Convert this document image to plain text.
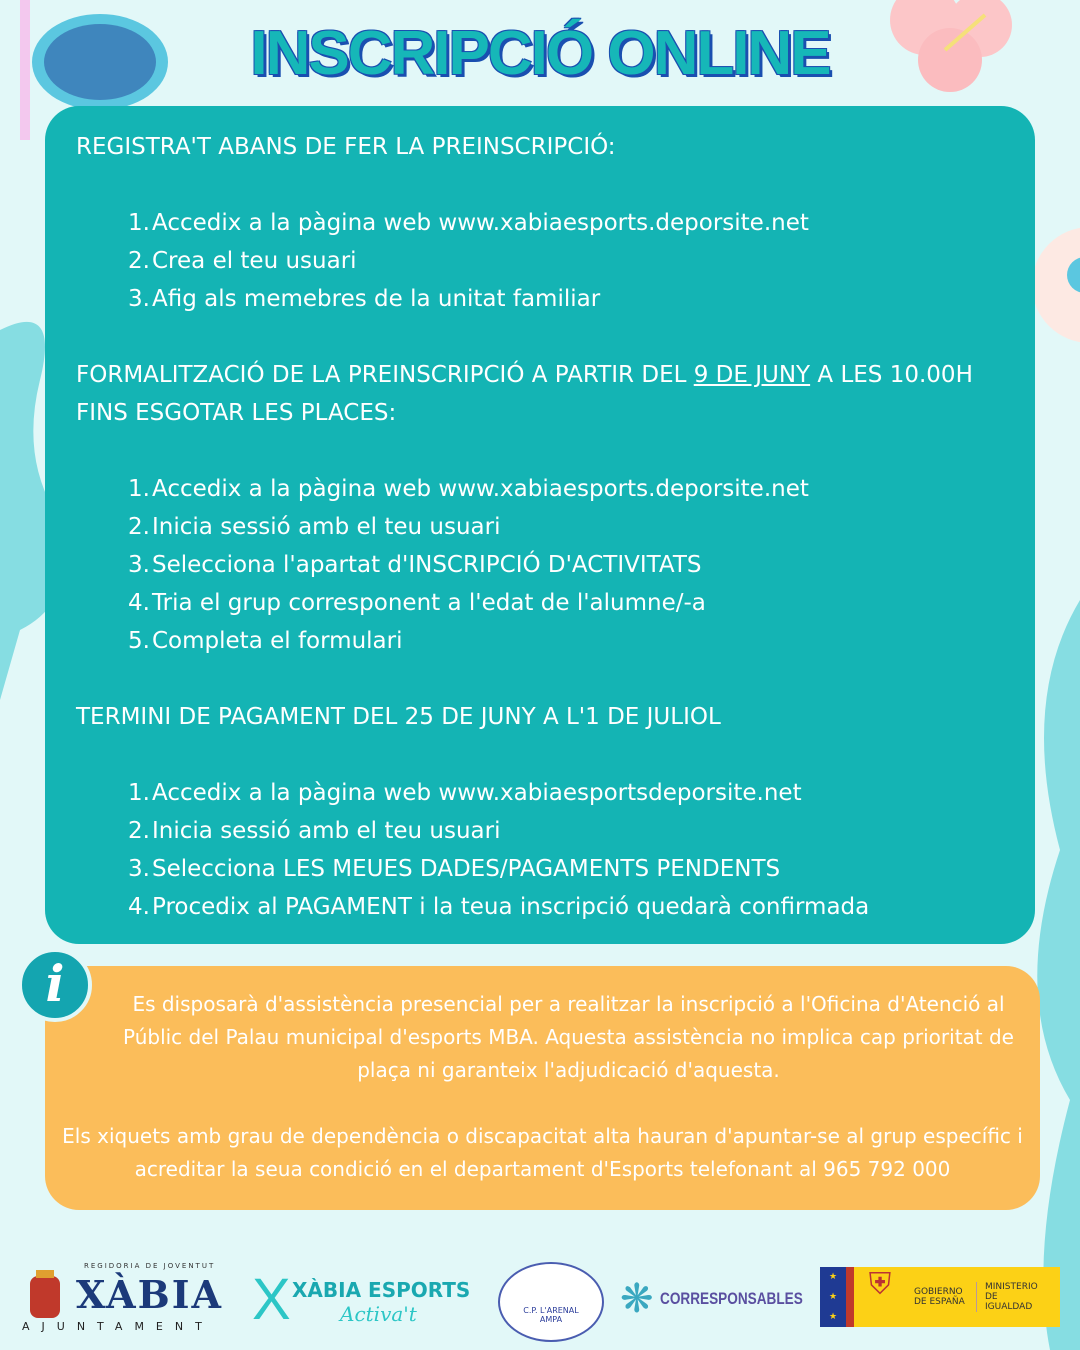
INSCRIPCIÓ ONLINE
REGISTRA'T ABANS DE FER LA PREINSCRIPCIÓ:
1. Accedix a la pàgina web www.xabiaesports.deporsite.net
2. Crea el teu usuari
3. Afig als memebres de la unitat familiar
FORMALITZACIÓ DE LA PREINSCRIPCIÓ A PARTIR DEL 9 DE JUNY A LES 10.00H
FINS ESGOTAR LES PLACES:
1. Accedix a la pàgina web www.xabiaesports.deporsite.net
2. Inicia sessió amb el teu usuari
3. Selecciona l'apartat d'INSCRIPCIÓ D'ACTIVITATS
4. Tria el grup corresponent a l'edat de l'alumne/-a
5. Completa el formulari
TERMINI DE PAGAMENT DEL 25 DE JUNY A L'1 DE JULIOL
1. Accedix a la pàgina web www.xabiaesportsdeporsite.net
2. Inicia sessió amb el teu usuari
3. Selecciona LES MEUES DADES/PAGAMENTS PENDENTS
4. Procedix al PAGAMENT i la teua inscripció quedarà confirmada

Es disposarà d'assistència presencial per a realitzar la inscripció a l'Oficina d'Atenció al Públic del Palau municipal d'esports MBA. Aquesta assistència no implica cap prioritat de plaça ni garanteix l'adjudicació d'aquesta.

Els xiquets amb grau de dependència o discapacitat alta hauran d'apuntar-se al grup específic i acreditar la seua condició en el departament d'Esports telefonant al 965 792 000

i
REGIDORIA DE JOVENTUT
XÀBIA
AJUNTAMENT X XÀBIA ESPORTS
Activa't	C.P. L'ARENAL AMPA	❋ CORRESPONSABLES
★
★
★
⛨	GOBIERNO DE ESPAÑA
MINISTERIO DE IGUALDAD
